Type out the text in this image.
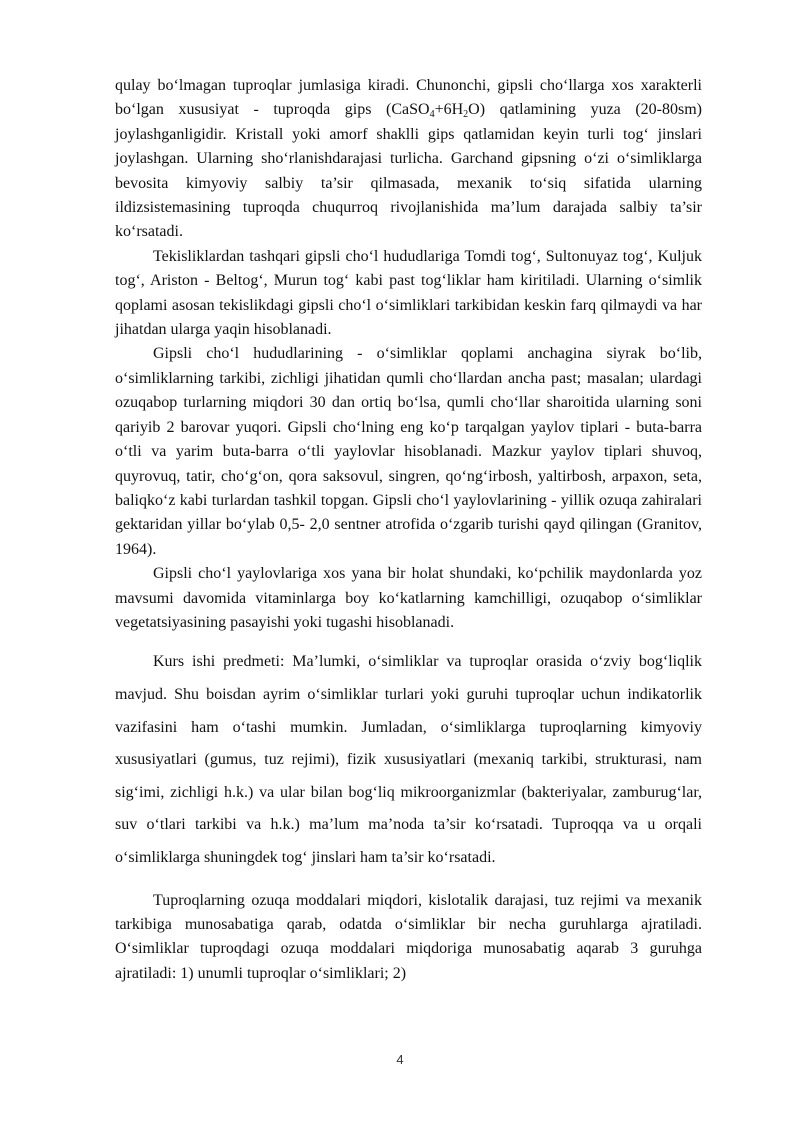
qulay bo‘lmagan tuproqlar jumlasiga kiradi. Chunonchi, gipsli cho‘llarga xos xarakterli bo‘lgan xususiyat - tuproqda gips $(CaSO_4+6H_2O)$ qatlamining yuza (20-80sm) joylashganligidir. Kristall yoki amorf shaklli gips qatlamidan keyin turli tog‘ jinslari joylashgan. Ularning sho‘rlanishdarajasi turlicha. Garchand gipsning o‘zi o‘simliklarga bevosita kimyoviy salbiy ta’sir qilmasada, mexanik to‘siq sifatida ularning ildizsistemasining tuproqda chuqurroq rivojlanishida ma’lum darajada salbiy ta’sir ko‘rsatadi.

Tekisliklardan tashqari gipsli cho‘l hududlariga Tomdi tog‘, Sultonuyaz tog‘, Kuljuk tog‘, Ariston - Beltog‘, Murun tog‘ kabi past tog‘liklar ham kiritiladi. Ularning o‘simlik qoplami asosan tekislikdagi gipsli cho‘l o‘simliklari tarkibidan keskin farq qilmaydi va har jihatdan ularga yaqin hisoblanadi.

Gipsli cho‘l hududlarining - o‘simliklar qoplami anchagina siyrak bo‘lib, o‘simliklarning tarkibi, zichligi jihatidan qumli cho‘llardan ancha past; masalan; ulardagi ozuqabop turlarning miqdori 30 dan ortiq bo‘lsa, qumli cho‘llar sharoitida ularning soni qariyib 2 barovar yuqori. Gipsli cho‘lning eng ko‘p tarqalgan yaylov tiplari - buta-barra o‘tli va yarim buta-barra o‘tli yaylovlar hisoblanadi. Mazkur yaylov tiplari shuvoq, quyrovuq, tatir, cho‘g‘on, qora saksovul, singren, qo‘ng‘irbosh, yaltirbosh, arpaxon, seta, baliqko‘z kabi turlardan tashkil topgan. Gipsli cho‘l yaylovlarining - yillik ozuqa zahiralari gektaridan yillar bo‘ylab 0,5- 2,0 sentner atrofida o‘zgarib turishi qayd qilingan (Granitov, 1964).

Gipsli cho‘l yaylovlariga xos yana bir holat shundaki, ko‘pchilik maydonlarda yoz mavsumi davomida vitaminlarga boy ko‘katlarning kamchilligi, ozuqabop o‘simliklar vegetatsiyasining pasayishi yoki tugashi hisoblanadi.

Kurs ishi predmeti: Ma’lumki, o‘simliklar va tuproqlar orasida o‘zviy bog‘liqlik mavjud. Shu boisdan ayrim o‘simliklar turlari yoki guruhi tuproqlar uchun indikatorlik vazifasini ham o‘tashi mumkin. Jumladan, o‘simliklarga tuproqlarning kimyoviy xususiyatlari (gumus, tuz rejimi), fizik xususiyatlari (mexaniq tarkibi, strukturasi, nam sig‘imi, zichligi h.k.) va ular bilan bog‘liq mikroorganizmlar (bakteriyalar, zamburug‘lar, suv o‘tlari tarkibi va h.k.) ma’lum ma’noda ta’sir ko‘rsatadi. Tuproqqa va u orqali o‘simliklarga shuningdek tog‘ jinslari ham ta’sir ko‘rsatadi.

Tuproqlarning ozuqa moddalari miqdori, kislotalik darajasi, tuz rejimi va mexanik tarkibiga munosabatiga qarab, odatda o‘simliklar bir necha guruhlarga ajratiladi. O‘simliklar tuproqdagi ozuqa moddalari miqdoriga munosabatig aqarab 3 guruhga ajratiladi: 1) unumli tuproqlar o‘simliklari; 2)

4
